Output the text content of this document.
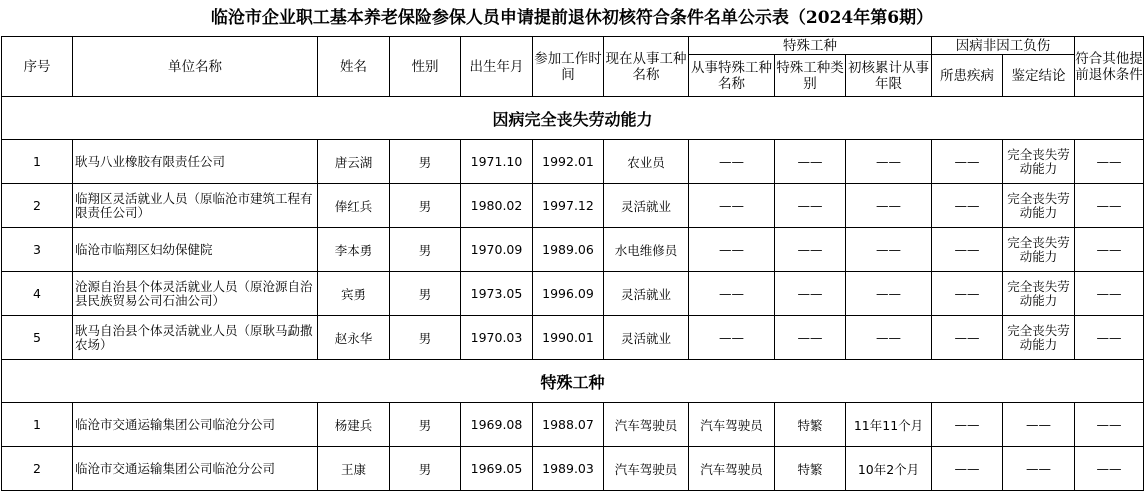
临沧市企业职工基本养老保险参保人员申请提前退休初核符合条件名单公示表（2024年第6期）
序号	单位名称	姓名	性别	出生年月	参加工作时间	现在从事工种名称	特殊工种			因病非因工负伤		符合其他提前退休条件
							从事特殊工种名称	特殊工种类别	初核累计从事年限	所患疾病	鉴定结论	
因病完全丧失劳动能力												
1	耿马八业橡胶有限责任公司	唐云湖	男	1971.10	1992.01	农业员	——	——	——	——	完全丧失劳动能力	——
2	临翔区灵活就业人员（原临沧市建筑工程有限责任公司）	俸红兵	男	1980.02	1997.12	灵活就业	——	——	——	——	完全丧失劳动能力	——
3	临沧市临翔区妇幼保健院	李本勇	男	1970.09	1989.06	水电维修员	——	——	——	——	完全丧失劳动能力	——
4	沧源自治县个体灵活就业人员（原沧源自治县民族贸易公司石油公司）	宾勇	男	1973.05	1996.09	灵活就业	——	——	——	——	完全丧失劳动能力	——
5	耿马自治县个体灵活就业人员（原耿马勐撒农场）	赵永华	男	1970.03	1990.01	灵活就业	——	——	——	——	完全丧失劳动能力	——
特殊工种												
1	临沧市交通运输集团公司临沧分公司	杨建兵	男	1969.08	1988.07	汽车驾驶员	汽车驾驶员	特繁	11年11个月	——	——	——
2	临沧市交通运输集团公司临沧分公司	王康	男	1969.05	1989.03	汽车驾驶员	汽车驾驶员	特繁	10年2个月	——	——	——
